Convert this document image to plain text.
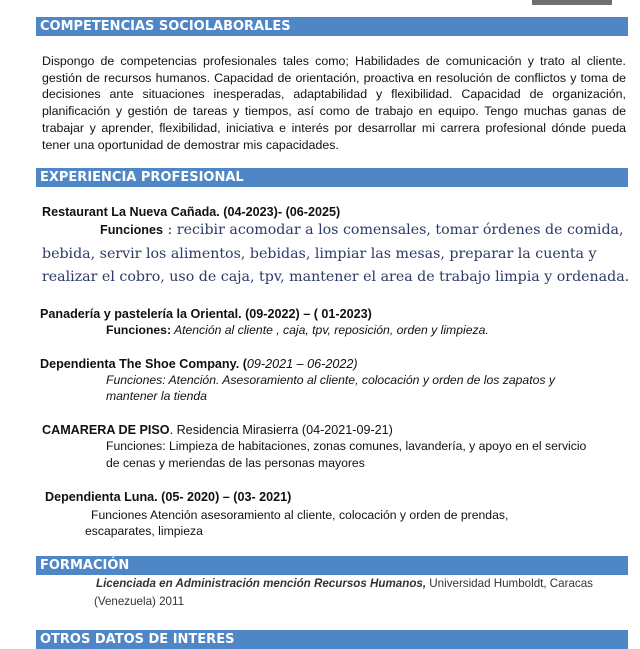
COMPETENCIAS SOCIOLABORALES
Dispongo de competencias profesionales tales como; Habilidades de comunicación y trato al cliente. gestión de recursos humanos. Capacidad de orientación, proactiva en resolución de conflictos y toma de decisiones ante situaciones inesperadas, adaptabilidad y flexibilidad. Capacidad de organización, planificación y gestión de tareas y tiempos, así como de trabajo en equipo. Tengo muchas ganas de trabajar y aprender, flexibilidad, iniciativa e interés por desarrollar mi carrera profesional dónde pueda tener una oportunidad de demostrar mis capacidades.
EXPERIENCIA PROFESIONAL
Restaurant La Nueva Cañada. (04-2023)- (06-2025)
Funciones : recibir acomodar a los comensales, tomar órdenes de comida, bebida, servir los alimentos, bebidas, limpiar las mesas, preparar la cuenta y realizar el cobro, uso de caja, tpv, mantener el area de trabajo limpia y ordenada.
Panadería y pastelería la Oriental. (09-2022) – ( 01-2023)
Funciones: Atención al cliente , caja, tpv, reposición, orden y limpieza.
Dependienta The Shoe Company. (09-2021 – 06-2022)
Funciones: Atención. Asesoramiento al cliente, colocación y orden de los zapatos y
mantener la tienda
CAMARERA DE PISO. Residencia Mirasierra (04-2021-09-21)
Funciones: Limpieza de habitaciones, zonas comunes, lavandería, y apoyo en el servicio
de cenas y meriendas de las personas mayores
Dependienta Luna. (05- 2020) – (03- 2021)
Funciones Atención asesoramiento al cliente, colocación y orden de prendas,
escaparates, limpieza
FORMACIÓN
Licenciada en Administración mención Recursos Humanos, Universidad Humboldt, Caracas
(Venezuela) 2011
OTROS DATOS DE INTERES
